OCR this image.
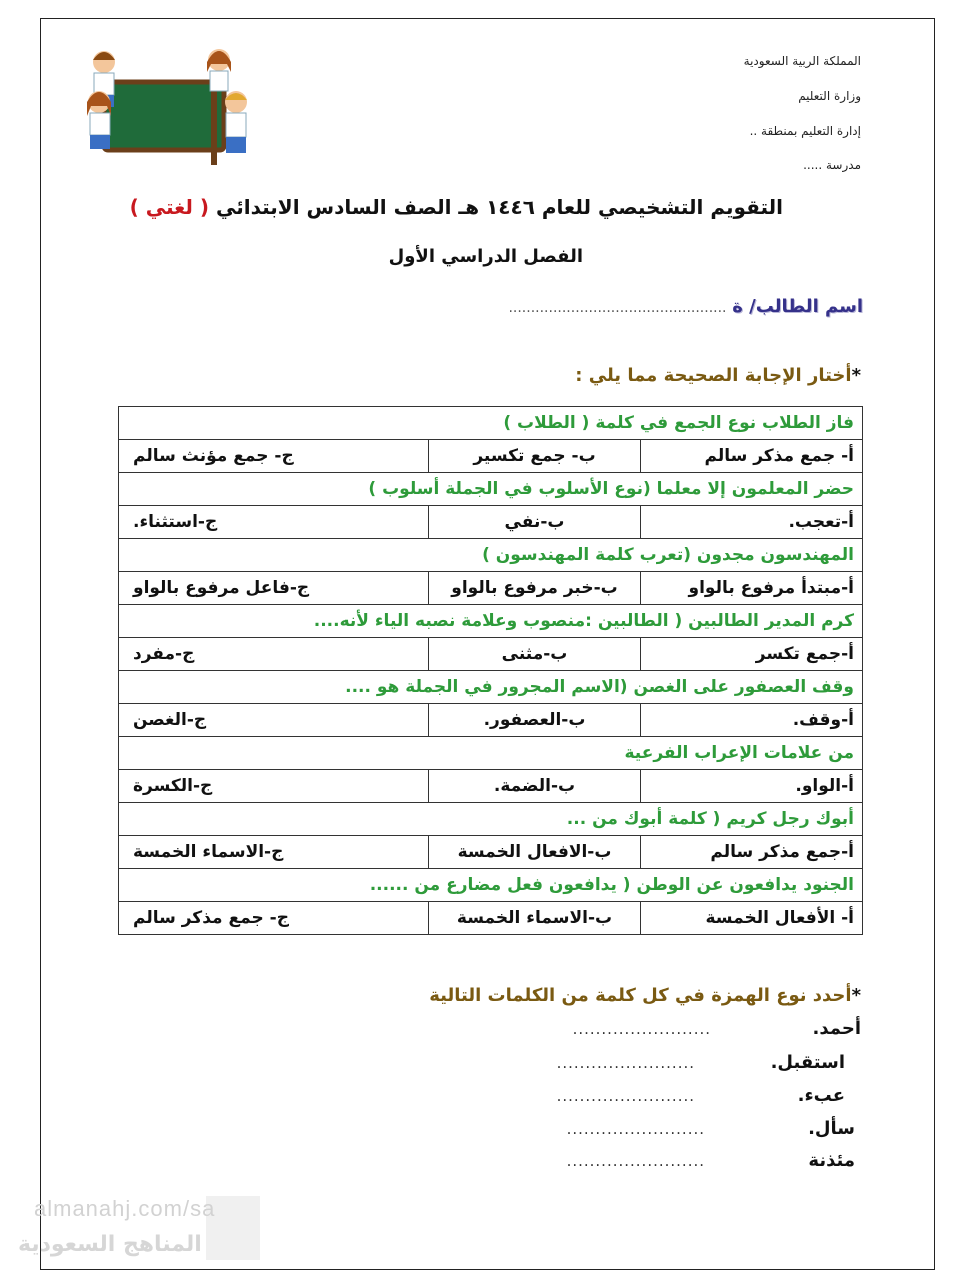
المملكة الربية السعودية
وزارة التعليم
إدارة التعليم بمنطقة ..
مدرسة .....
التقويم التشخيصي للعام ١٤٤٦ هـ الصف السادس الابتدائي ( لغتي )
الفصل الدراسي الأول
اسم الطالب/ ة .................................................
*أختار الإجابة الصحيحة مما يلي :
فاز الطلاب نوع الجمع في كلمة ( الطلاب )		
أ- جمع مذكر سالم	ب- جمع تكسير	ج- جمع مؤنث سالم
حضر المعلمون إلا معلما (نوع الأسلوب في الجملة أسلوب )		
أ-تعجب.	ب-نفي	ج-استثناء.
المهندسون مجدون (تعرب كلمة المهندسون )		
أ-مبتدأ مرفوع بالواو	ب-خبر مرفوع بالواو	ج-فاعل مرفوع بالواو
كرم المدير الطالبين ( الطالبين :منصوب وعلامة نصبه الياء لأنه....		
أ-جمع تكسر	ب-مثنى	ج-مفرد
وقف العصفور على الغصن (الاسم المجرور في الجملة هو ....		
أ-وقف.	ب-العصفور.	ج-الغصن
من علامات الإعراب الفرعية		
أ-الواو.	ب-الضمة.	ج-الكسرة
أبوك رجل كريم ( كلمة أبوك من ...		
أ-جمع مذكر سالم	ب-الافعال الخمسة	ج-الاسماء الخمسة
الجنود يدافعون عن الوطن ( يدافعون فعل مضارع من ......		
أ- الأفعال الخمسة	ب-الاسماء الخمسة	ج- جمع مذكر سالم
*أحدد نوع الهمزة في كل كلمة من الكلمات التالية
أحمد.........................
استقبل.........................
عبء.........................
سأل.........................
مئذنة........................
almanahj.com/sa
المناهج السعودية
